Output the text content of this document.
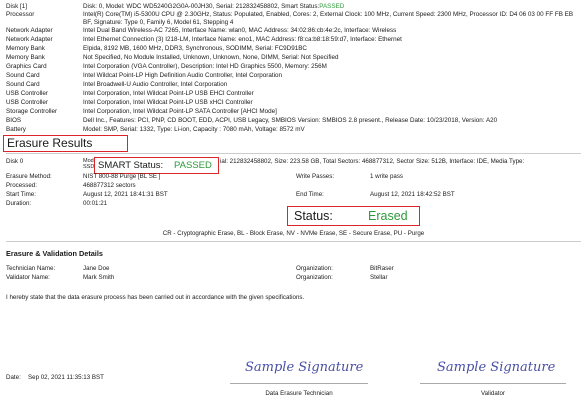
Disk [1]	Disk: 0, Model: WDC WD5240G2G0A-00JH30, Serial: 212832458802, Smart Status:PASSED
Processor	Intel(R) Core(TM) i5-5300U CPU @ 2.30GHz, Status: Populated, Enabled, Cores: 2, External Clock: 100 MHz, Current Speed: 2300 MHz, Processor ID: D4 06 03 00 FF FB EB BF, Signature: Type 0, Family 6, Model 61, Stepping 4
Network Adapter	Intel Dual Band Wireless-AC 7265, Interface Name: wlan0, MAC Address: 34:02:86:cb:4e:2c, Interface: Wireless
Network Adapter	Intel Ethernet Connection (3) I218-LM, Interface Name: eno1, MAC Address: f8:ca:b8:18:59:d7, Interface: Ethernet
Memory Bank	Elpida, 8192 MB, 1600 MHz, DDR3, Synchronous, SODIMM, Serial: FC9D91BC
Memory Bank	Not Specified, No Module Installed, Unknown, Unknown, None, DIMM, Serial: Not Specified
Graphics Card	Intel Corporation (VGA Controller), Description: Intel HD Graphics 5500, Memory: 256M
Sound Card	Intel Wildcat Point-LP High Definition Audio Controller, Intel Corporation
Sound Card	Intel Broadwell-U Audio Controller, Intel Corporation
USB Controller	Intel Corporation, Intel Wildcat Point-LP USB EHCI Controller
USB Controller	Intel Corporation, Intel Wildcat Point-LP USB xHCI Controller
Storage Controller	Intel Corporation, Intel Wildcat Point-LP SATA Controller [AHCI Mode]
BIOS	Dell Inc., Features: PCI, PNP, CD BOOT, EDD, ACPI, USB Legacy, SMBIOS Version: SMBIOS 2.8 present., Release Date: 10/23/2018, Version: A20
Battery	Model: SMP, Serial: 1332, Type: Li-ion, Capacity : 7080 mAh, Voltage: 8572 mV
Erasure Results
Disk 0	Mod
SSD
ial: 212832458802, Size: 223.58 GB, Total Sectors: 468877312, Sector Size: 512B, Interface: IDE, Media Type:
SMART Status: PASSED
Erasure Method:	NIST 800-88 Purge [BL SE ]	Write Passes:	1 write pass
Processed:	468877312 sectors
Start Time:	August 12, 2021 18:41:31 BST	End Time:	August 12, 2021 18:42:52 BST
Duration:	00:01:21
Status:	Erased
CR - Cryptographic Erase, BL - Block Erase, NV - NVMe Erase, SE - Secure Erase, PU - Purge
Erasure & Validation Details
Technician Name:	Jane Doe	Organization:	BitRaser
Validator Name:	Mark Smith	Organization:	Stellar
I hereby state that the data erasure process has been carried out in accordance with the given specifications.
Date: Sep 02, 2021 11:35:13 BST
Sample Signature
Data Erasure Technician
Sample Signature
Validator
